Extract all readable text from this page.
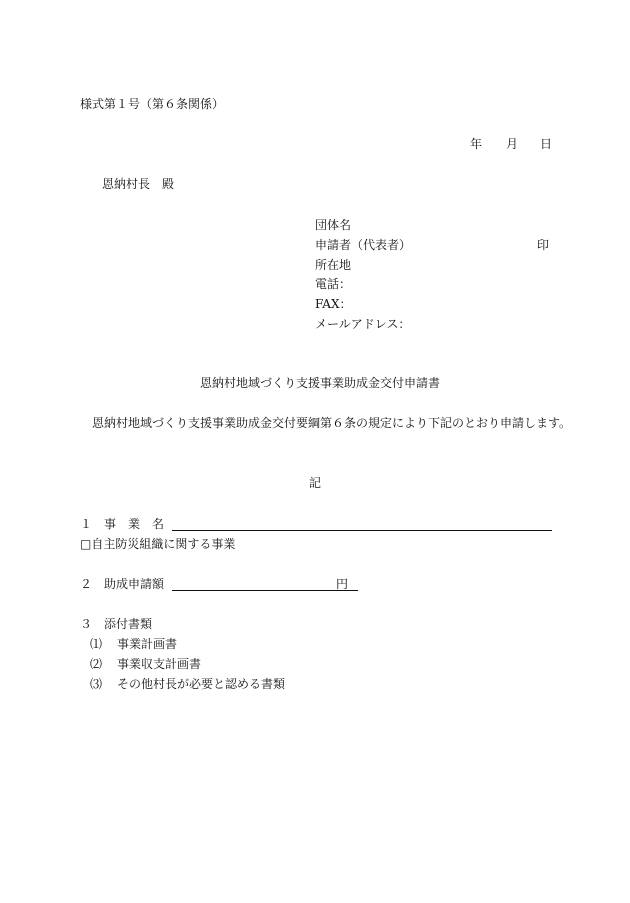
様式第１号（第６条関係）
年 月 日
恩納村長　殿
団体名
申請者（代表者）	印
所在地
電話：
FAX：
メールアドレス：
恩納村地域づくり支援事業助成金交付申請書
恩納村地域づくり支援事業助成金交付要綱第６条の規定により下記のとおり申請します。
記
１　事　業　名
□自主防災組織に関する事業
２　助成申請額	円
３　添付書類
⑴ 事業計画書
⑵ 事業収支計画書
⑶ その他村長が必要と認める書類
